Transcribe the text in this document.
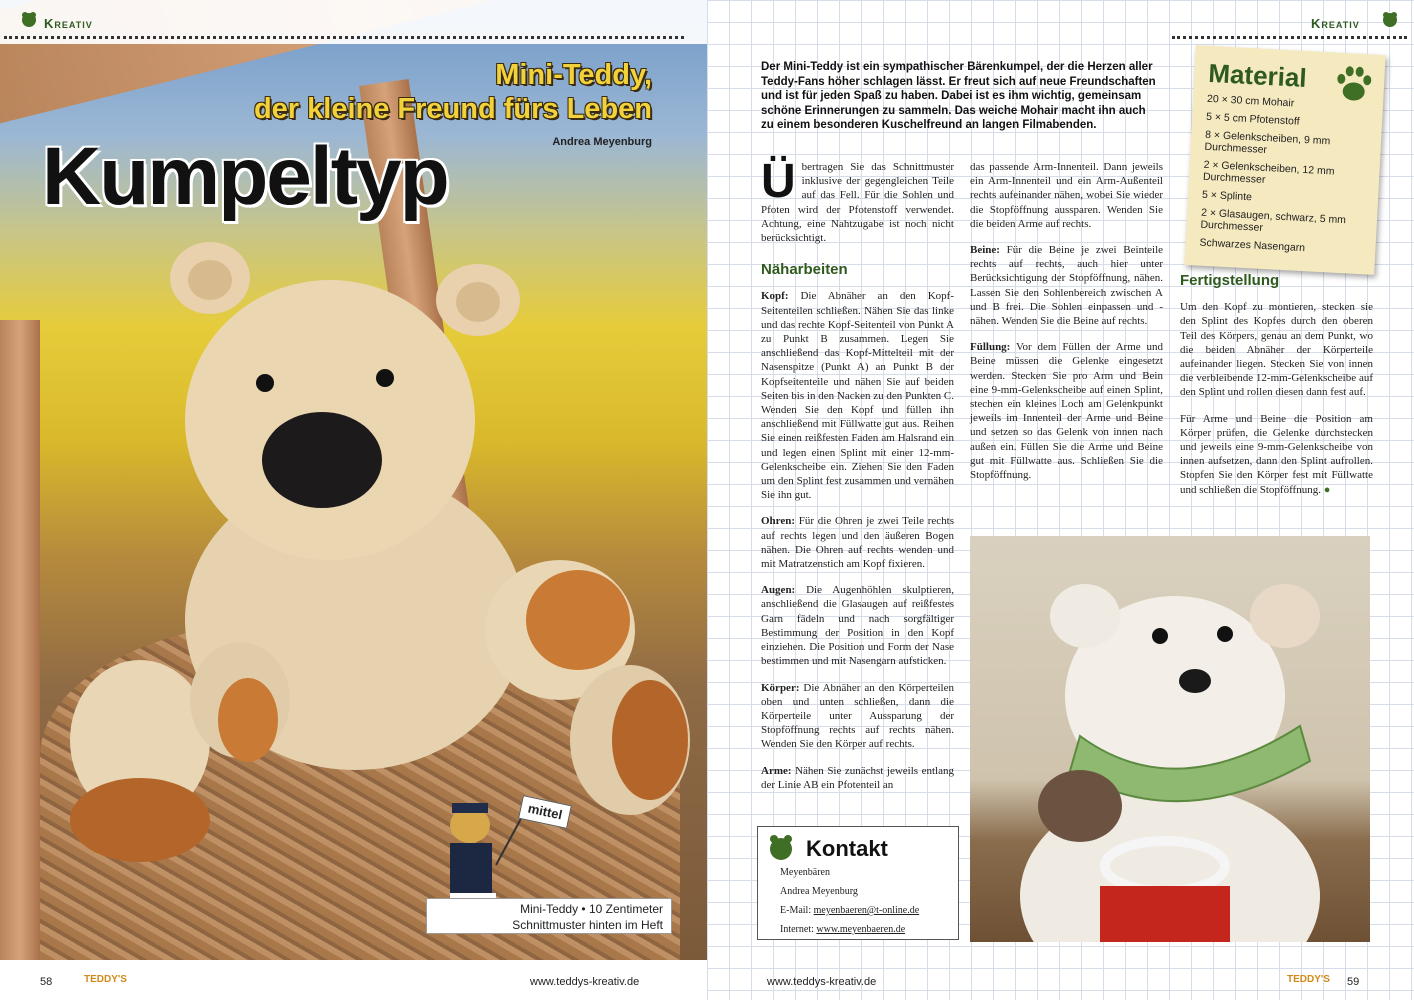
Kreativ
Mini-Teddy,
der kleine Freund fürs Leben
Andrea Meyenburg
Kumpeltyp
mittel
Mini-Teddy • 10 Zentimeter
Schnittmuster hinten im Heft
58	TEDDY'S	www.teddys-kreativ.de
Kreativ
Der Mini-Teddy ist ein sympathischer Bärenkumpel, der die Herzen aller Teddy-Fans höher schlagen lässt. Er freut sich auf neue Freundschaften und ist für jeden Spaß zu haben. Dabei ist es ihm wichtig, gemeinsam schöne Erinnerungen zu sammeln. Das weiche Mohair macht ihn auch zu einem besonderen Kuschelfreund an langen Filmabenden.

Übertragen Sie das Schnittmuster inklusive der gegengleichen Teile auf das Fell. Für die Sohlen und Pfoten wird der Pfotenstoff verwendet. Achtung, eine Nahtzugabe ist noch nicht berücksichtigt.

Näharbeiten

Kopf: Die Abnäher an den Kopf-Seitenteilen schließen. Nähen Sie das linke und das rechte Kopf-Seitenteil von Punkt A zu Punkt B zusammen. Legen Sie anschließend das Kopf-Mittelteil mit der Nasenspitze (Punkt A) an Punkt B der Kopfseitenteile und nähen Sie auf beiden Seiten bis in den Nacken zu den Punkten C. Wenden Sie den Kopf und füllen ihn anschließend mit Füllwatte gut aus. Reihen Sie einen reißfesten Faden am Halsrand ein und legen einen Splint mit einer 12-mm-Gelenkscheibe ein. Ziehen Sie den Faden um den Splint fest zusammen und vernähen Sie ihn gut.

Ohren: Für die Ohren je zwei Teile rechts auf rechts legen und den äußeren Bogen nähen. Die Ohren auf rechts wenden und mit Matratzenstich am Kopf fixieren.

Augen: Die Augenhöhlen skulptieren, anschließend die Glasaugen auf reißfestes Garn fädeln und nach sorgfältiger Bestimmung der Position in den Kopf einziehen. Die Position und Form der Nase bestimmen und mit Nasengarn aufsticken.

Körper: Die Abnäher an den Körperteilen oben und unten schließen, dann die Körperteile unter Aussparung der Stopföffnung rechts auf rechts nähen. Wenden Sie den Körper auf rechts.

Arme: Nähen Sie zunächst jeweils entlang der Linie AB ein Pfotenteil an

das passende Arm-Innenteil. Dann jeweils ein Arm-Innenteil und ein Arm-Außenteil rechts aufeinander nähen, wobei Sie wieder die Stopföffnung aussparen. Wenden Sie die beiden Arme auf rechts.

Beine: Für die Beine je zwei Beinteile rechts auf rechts, auch hier unter Berücksichtigung der Stopföffnung, nähen. Lassen Sie den Sohlenbereich zwischen A und B frei. Die Sohlen einpassen und -nähen. Wenden Sie die Beine auf rechts.

Füllung: Vor dem Füllen der Arme und Beine müssen die Gelenke eingesetzt werden. Stecken Sie pro Arm und Bein eine 9-mm-Gelenkscheibe auf einen Splint, stechen ein kleines Loch am Gelenkpunkt jeweils im Innenteil der Arme und Beine und setzen so das Gelenk von innen nach außen ein. Füllen Sie die Arme und Beine gut mit Füllwatte aus. Schließen Sie die Stopföffnung.

Material
20 × 30 cm Mohair
5 × 5 cm Pfotenstoff
8 × Gelenkscheiben, 9 mm Durchmesser
2 × Gelenkscheiben, 12 mm Durchmesser
5 × Splinte
2 × Glasaugen, schwarz, 5 mm Durchmesser
Schwarzes Nasengarn
Fertigstellung

Um den Kopf zu montieren, stecken sie den Splint des Kopfes durch den oberen Teil des Körpers, genau an dem Punkt, wo die beiden Abnäher der Körperteile aufeinander liegen. Stecken Sie von innen die verbleibende 12-mm-Gelenkscheibe auf den Splint und rollen diesen dann fest auf.

Für Arme und Beine die Position am Körper prüfen, die Gelenke durchstecken und jeweils eine 9-mm-Gelenkscheibe von innen aufsetzen, dann den Splint aufrollen. Stopfen Sie den Körper fest mit Füllwatte und schließen die Stopföffnung. ●

Kontakt
Meyenbären
Andrea Meyenburg
E-Mail: meyenbaeren@t-online.de
Internet: www.meyenbaeren.de
www.teddys-kreativ.de	TEDDY'S 59
